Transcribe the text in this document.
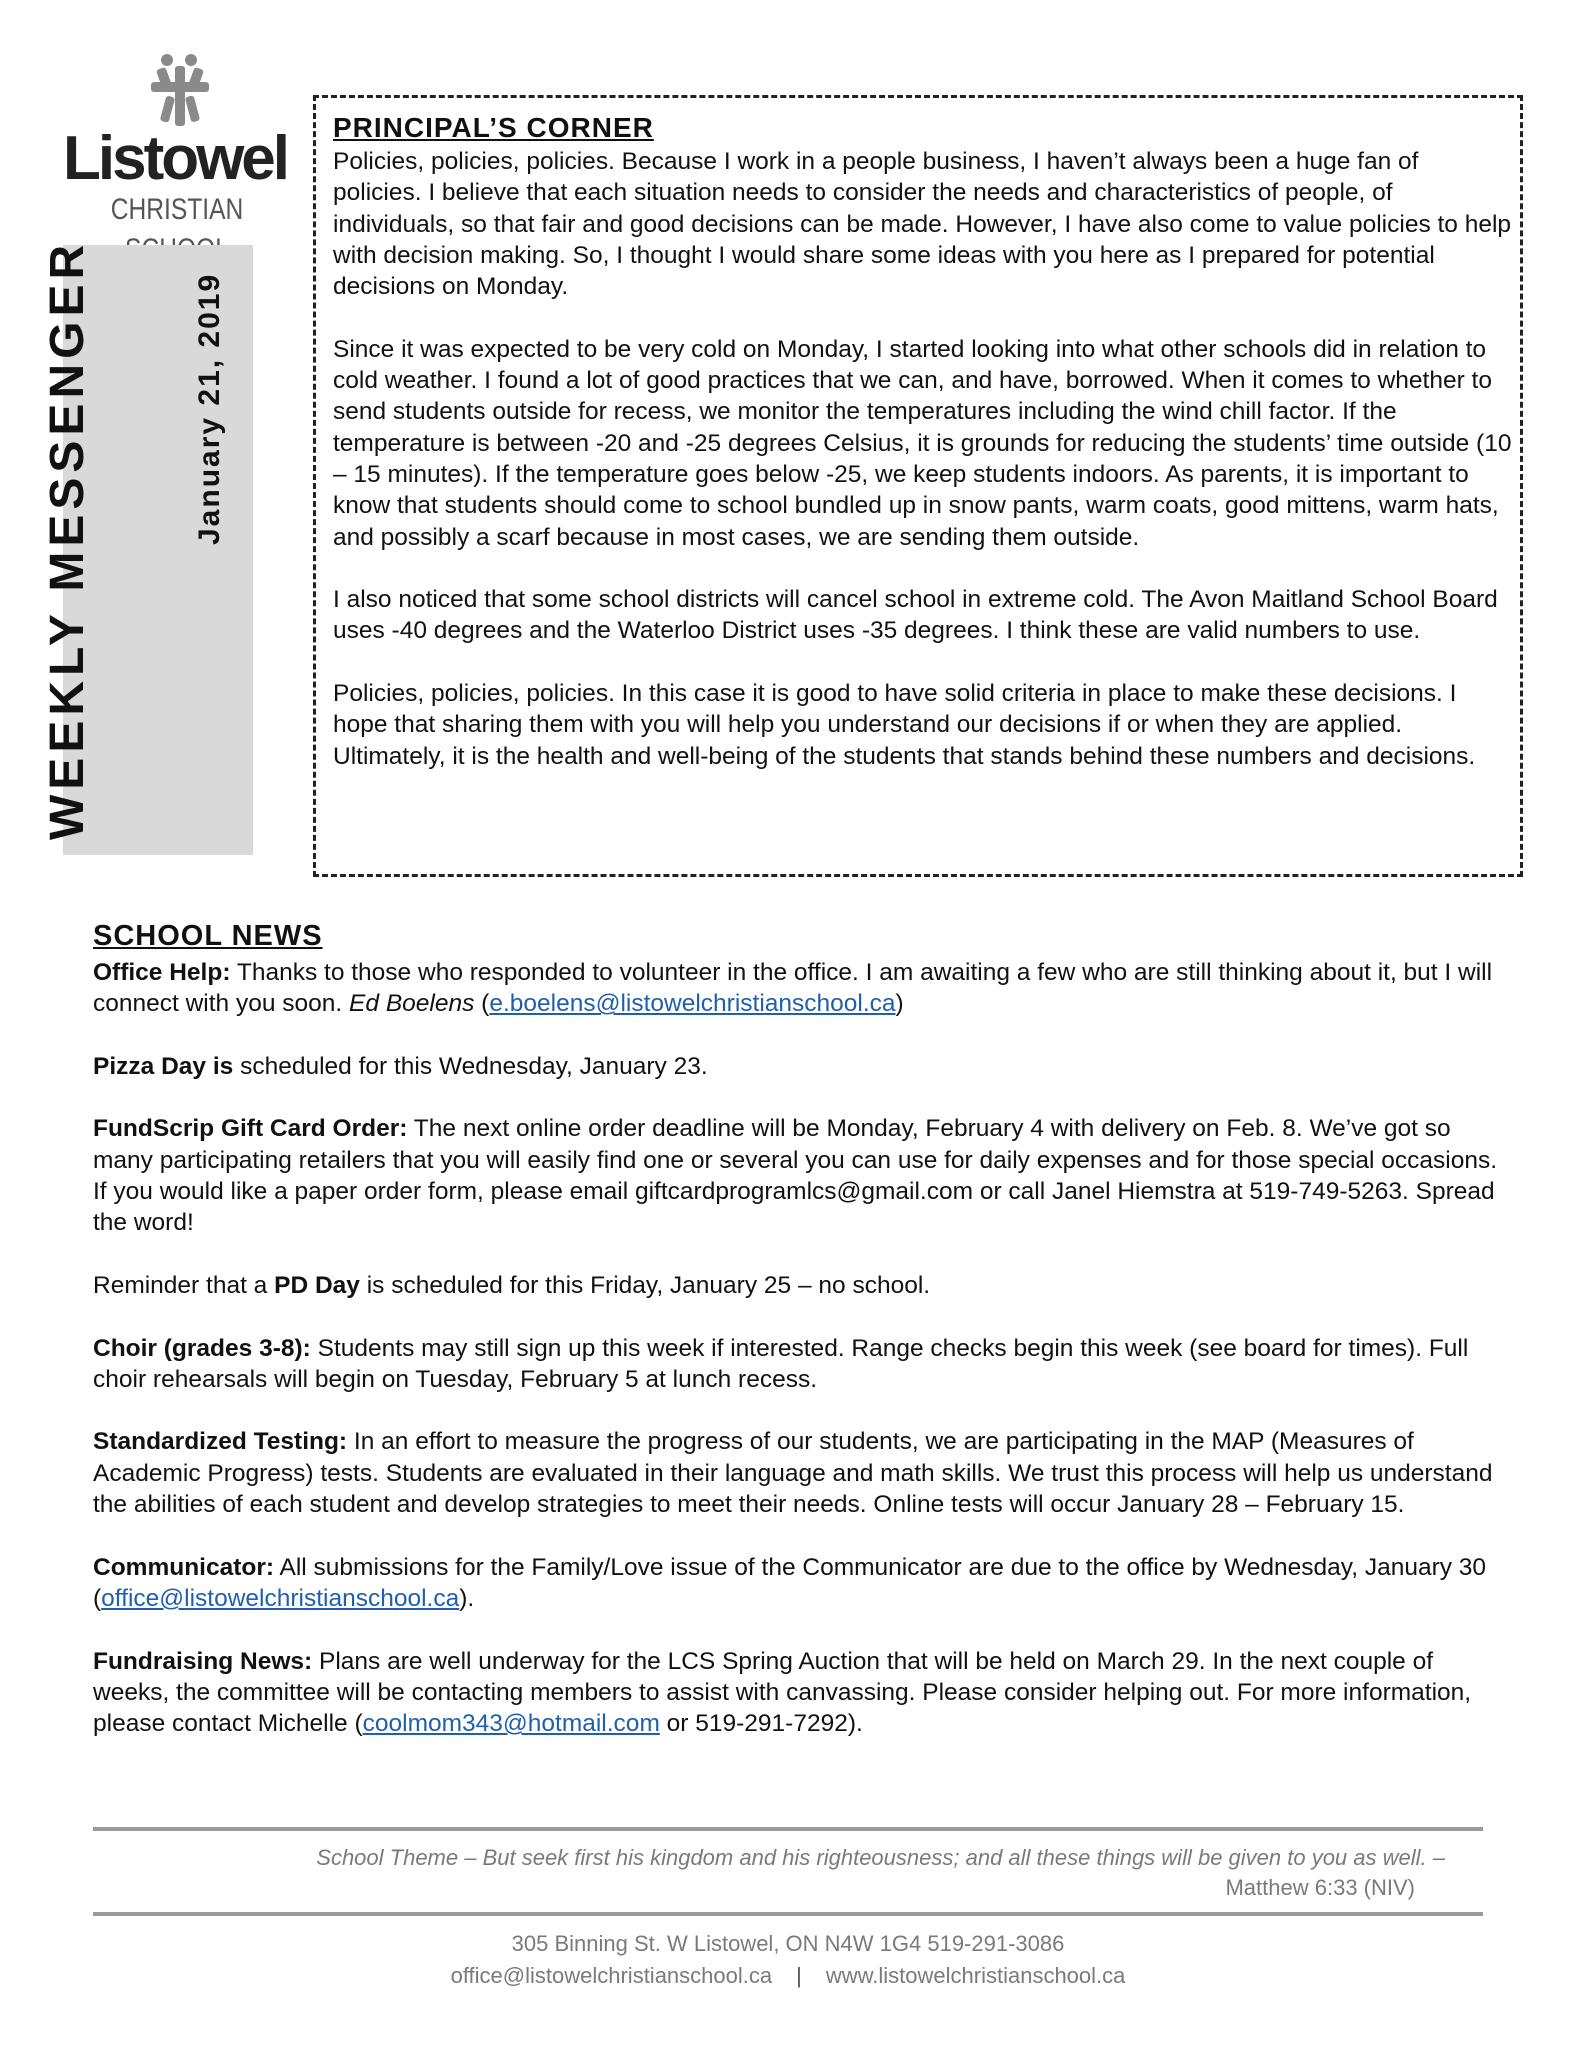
Listowel
CHRISTIAN
WEEKLY MESSENGER	January 21, 2019
PRINCIPAL’S CORNER

Policies, policies, policies. Because I work in a people business, I haven’t always been a huge fan of policies. I believe that each situation needs to consider the needs and characteristics of people, of individuals, so that fair and good decisions can be made. However, I have also come to value policies to help with decision making. So, I thought I would share some ideas with you here as I prepared for potential decisions on Monday.

Since it was expected to be very cold on Monday, I started looking into what other schools did in relation to cold weather. I found a lot of good practices that we can, and have, borrowed. When it comes to whether to send students outside for recess, we monitor the temperatures including the wind chill factor. If the temperature is between -20 and -25 degrees Celsius, it is grounds for reducing the students’ time outside (10 – 15 minutes). If the temperature goes below -25, we keep students indoors. As parents, it is important to know that students should come to school bundled up in snow pants, warm coats, good mittens, warm hats, and possibly a scarf because in most cases, we are sending them outside.

I also noticed that some school districts will cancel school in extreme cold. The Avon Maitland School Board uses -40 degrees and the Waterloo District uses -35 degrees. I think these are valid numbers to use.

Policies, policies, policies. In this case it is good to have solid criteria in place to make these decisions. I hope that sharing them with you will help you understand our decisions if or when they are applied. Ultimately, it is the health and well-being of the students that stands behind these numbers and decisions.

SCHOOL NEWS

Office Help: Thanks to those who responded to volunteer in the office. I am awaiting a few who are still thinking about it, but I will connect with you soon. Ed Boelens (e.boelens@listowelchristianschool.ca)

Pizza Day is scheduled for this Wednesday, January 23.

FundScrip Gift Card Order: The next online order deadline will be Monday, February 4 with delivery on Feb. 8. We’ve got so many participating retailers that you will easily find one or several you can use for daily expenses and for those special occasions. If you would like a paper order form, please email giftcardprogramlcs@gmail.com or call Janel Hiemstra at 519-749-5263. Spread the word!

Reminder that a PD Day is scheduled for this Friday, January 25 – no school.

Choir (grades 3-8): Students may still sign up this week if interested. Range checks begin this week (see board for times). Full choir rehearsals will begin on Tuesday, February 5 at lunch recess.

Standardized Testing: In an effort to measure the progress of our students, we are participating in the MAP (Measures of Academic Progress) tests. Students are evaluated in their language and math skills. We trust this process will help us understand the abilities of each student and develop strategies to meet their needs. Online tests will occur January 28 – February 15.

Communicator: All submissions for the Family/Love issue of the Communicator are due to the office by Wednesday, January 30 (office@listowelchristianschool.ca).

Fundraising News: Plans are well underway for the LCS Spring Auction that will be held on March 29. In the next couple of weeks, the committee will be contacting members to assist with canvassing. Please consider helping out. For more information, please contact Michelle (coolmom343@hotmail.com or 519-291-7292).

School Theme – But seek first his kingdom and his righteousness; and all these things will be given to you as well. –
Matthew 6:33 (NIV)
305 Binning St. W Listowel, ON N4W 1G4 519-291-3086
office@listowelchristianschool.ca | www.listowelchristianschool.ca
